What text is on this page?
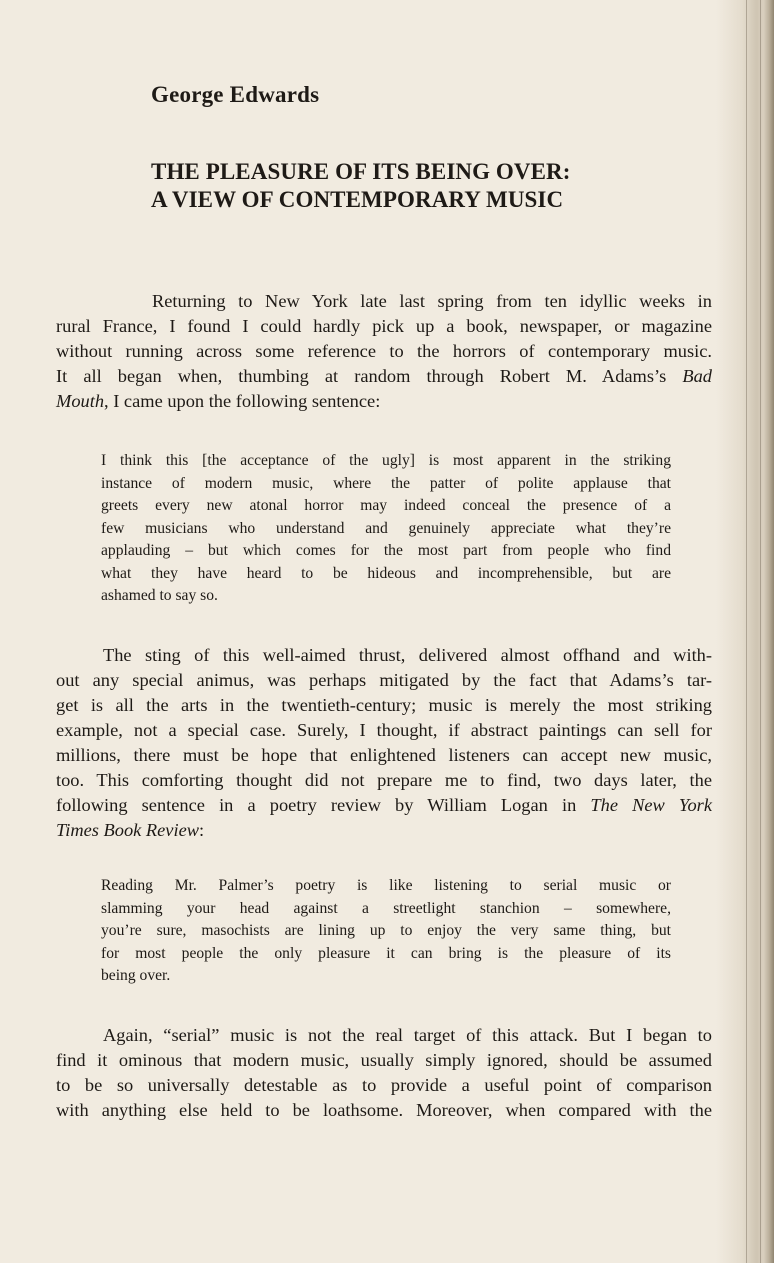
George Edwards
THE PLEASURE OF ITS BEING OVER:
A VIEW OF CONTEMPORARY MUSIC
Returning to New York late last spring from ten idyllic weeks in
rural France, I found I could hardly pick up a book, newspaper, or magazine
without running across some reference to the horrors of contemporary music.
It all began when, thumbing at random through Robert M. Adams’s Bad
Mouth, I came upon the following sentence:
I think this [the acceptance of the ugly] is most apparent in the striking
instance of modern music, where the patter of polite applause that
greets every new atonal horror may indeed conceal the presence of a
few musicians who understand and genuinely appreciate what they’re
applauding – but which comes for the most part from people who find
what they have heard to be hideous and incomprehensible, but are
ashamed to say so.
The sting of this well-aimed thrust, delivered almost offhand and with-
out any special animus, was perhaps mitigated by the fact that Adams’s tar-
get is all the arts in the twentieth-century; music is merely the most striking
example, not a special case. Surely, I thought, if abstract paintings can sell for
millions, there must be hope that enlightened listeners can accept new music,
too. This comforting thought did not prepare me to find, two days later, the
following sentence in a poetry review by William Logan in The New York
Times Book Review:
Reading Mr. Palmer’s poetry is like listening to serial music or
slamming your head against a streetlight stanchion – somewhere,
you’re sure, masochists are lining up to enjoy the very same thing, but
for most people the only pleasure it can bring is the pleasure of its
being over.
Again, “serial” music is not the real target of this attack. But I began to
find it ominous that modern music, usually simply ignored, should be assumed
to be so universally detestable as to provide a useful point of comparison
with anything else held to be loathsome. Moreover, when compared with the
